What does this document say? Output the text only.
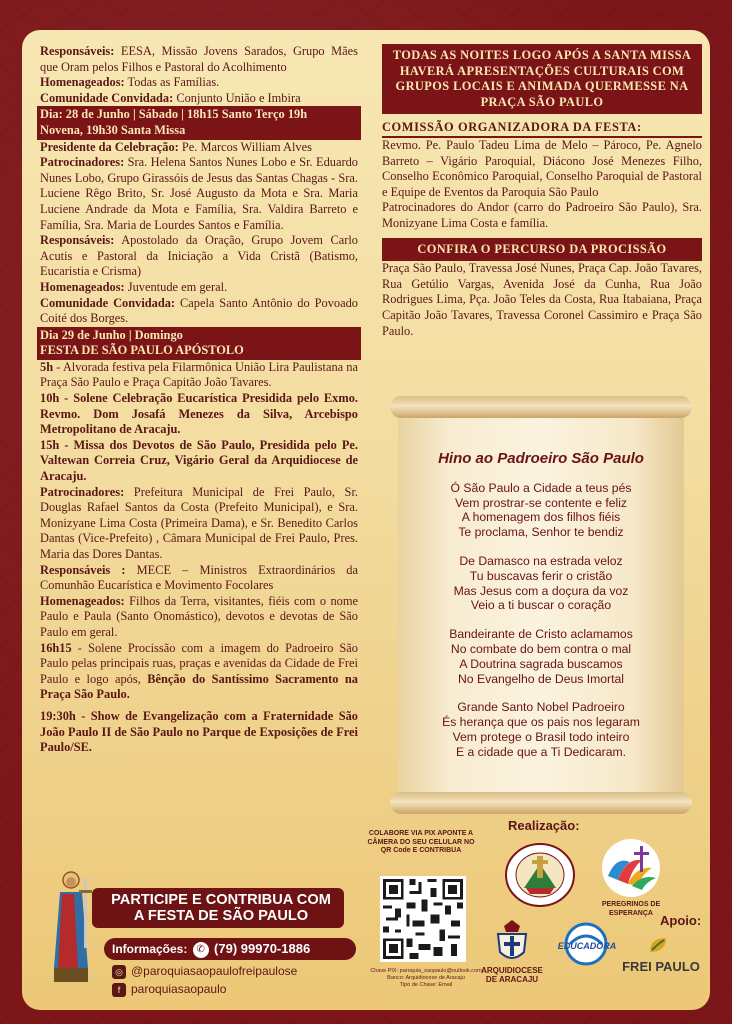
Responsáveis: EESA, Missão Jovens Sarados, Grupo Mães que Oram pelos Filhos e Pastoral do Acolhimento

Homenageados: Todas as Famílias.

Comunidade Convidada: Conjunto União e Imbira

Dia: 28 de Junho | Sábado | 18h15 Santo Terço 19h
Novena, 19h30 Santa Missa

Presidente da Celebração: Pe. Marcos William Alves

Patrocinadores: Sra. Helena Santos Nunes Lobo e Sr. Eduardo Nunes Lobo, Grupo Girassóis de Jesus das Santas Chagas - Sra. Luciene Rêgo Brito, Sr. José Augusto da Mota e Sra. Maria Luciene Andrade da Mota e Família, Sra. Valdira Barreto e Família, Sra. Maria de Lourdes Santos e Família.

Responsáveis: Apostolado da Oração, Grupo Jovem Carlo Acutis e Pastoral da Iniciação a Vida Cristã (Batismo, Eucaristia e Crisma)

Homenageados: Juventude em geral.

Comunidade Convidada: Capela Santo Antônio do Povoado Coité dos Borges.

Dia 29 de Junho | Domingo
FESTA DE SÃO PAULO APÓSTOLO

5h - Alvorada festiva pela Filarmônica União Lira Paulistana na Praça São Paulo e Praça Capitão João Tavares.

10h - Solene Celebração Eucarística Presidida pelo Exmo. Revmo. Dom Josafá Menezes da Silva, Arcebispo Metropolitano de Aracaju.

15h - Missa dos Devotos de São Paulo, Presidida pelo Pe. Valtewan Correia Cruz, Vigário Geral da Arquidiocese de Aracaju.

Patrocinadores: Prefeitura Municipal de Frei Paulo, Sr. Douglas Rafael Santos da Costa (Prefeito Municipal), e Sra. Monizyane Lima Costa (Primeira Dama), e Sr. Benedito Carlos Dantas (Vice-Prefeito) , Câmara Municipal de Frei Paulo, Pres. Maria das Dores Dantas.

Responsáveis : MECE – Ministros Extraordinários da Comunhão Eucarística e Movimento Focolares

Homenageados: Filhos da Terra, visitantes, fiéis com o nome Paulo e Paula (Santo Onomástico), devotos e devotas de São Paulo em geral.

16h15 - Solene Procissão com a imagem do Padroeiro São Paulo pelas principais ruas, praças e avenidas da Cidade de Frei Paulo e logo após, Bênção do Santíssimo Sacramento na Praça São Paulo.

19:30h - Show de Evangelização com a Fraternidade São João Paulo II de São Paulo no Parque de Exposições de Frei Paulo/SE.

TODAS AS NOITES LOGO APÓS A SANTA MISSA HAVERÁ APRESENTAÇÕES CULTURAIS COM GRUPOS LOCAIS E ANIMADA QUERMESSE NA PRAÇA SÃO PAULO
COMISSÃO ORGANIZADORA DA FESTA:

Revmo. Pe. Paulo Tadeu Lima de Melo – Pároco, Pe. Agnelo Barreto – Vigário Paroquial, Diácono José Menezes Filho, Conselho Econômico Paroquial, Conselho Paroquial de Pastoral e Equipe de Eventos da Paroquia São Paulo

Patrocinadores do Andor (carro do Padroeiro São Paulo), Sra. Monizyane Lima Costa e família.

CONFIRA O PERCURSO DA PROCISSÃO

Praça São Paulo, Travessa José Nunes, Praça Cap. João Tavares, Rua Getúlio Vargas, Avenida José da Cunha, Rua João Rodrigues Lima, Pça. João Teles da Costa, Rua Itabaiana, Praça Capitão João Tavares, Travessa Coronel Cassimiro e Praça São Paulo.

Hino ao Padroeiro São Paulo
Ó São Paulo a Cidade a teus pés
Vem prostrar-se contente e feliz
A homenagem dos filhos fiéis
Te proclama, Senhor te bendiz
De Damasco na estrada veloz
Tu buscavas ferir o cristão
Mas Jesus com a doçura da voz
Veio a ti buscar o coração
Bandeirante de Cristo aclamamos
No combate do bem contra o mal
A Doutrina sagrada buscamos
No Evangelho de Deus Imortal
Grande Santo Nobel Padroeiro
És herança que os pais nos legaram
Vem protege o Brasil todo inteiro
E a cidade que a Ti Dedicaram.
PARTICIPE E CONTRIBUA COM
A FESTA DE SÃO PAULO
Informações: ✆ (79) 99970-1886
◎ @paroquiasaopaulofreipaulose
f paroquiasaopaulo
COLABORE VIA PIX APONTE A CÂMERA DO SEU CELULAR NO QR Code E CONTRIBUA
Chave PIX: paroquia_saopaulo@outlook.com
Banco: Arquidiocese de Aracaju
Tipo de Chave: Email
Realização:
PEREGRINOS DE ESPERANÇA
ARQUIDIOCESE
DE ARACAJU
EDUCADORA
Apoio:
FREI PAULO
